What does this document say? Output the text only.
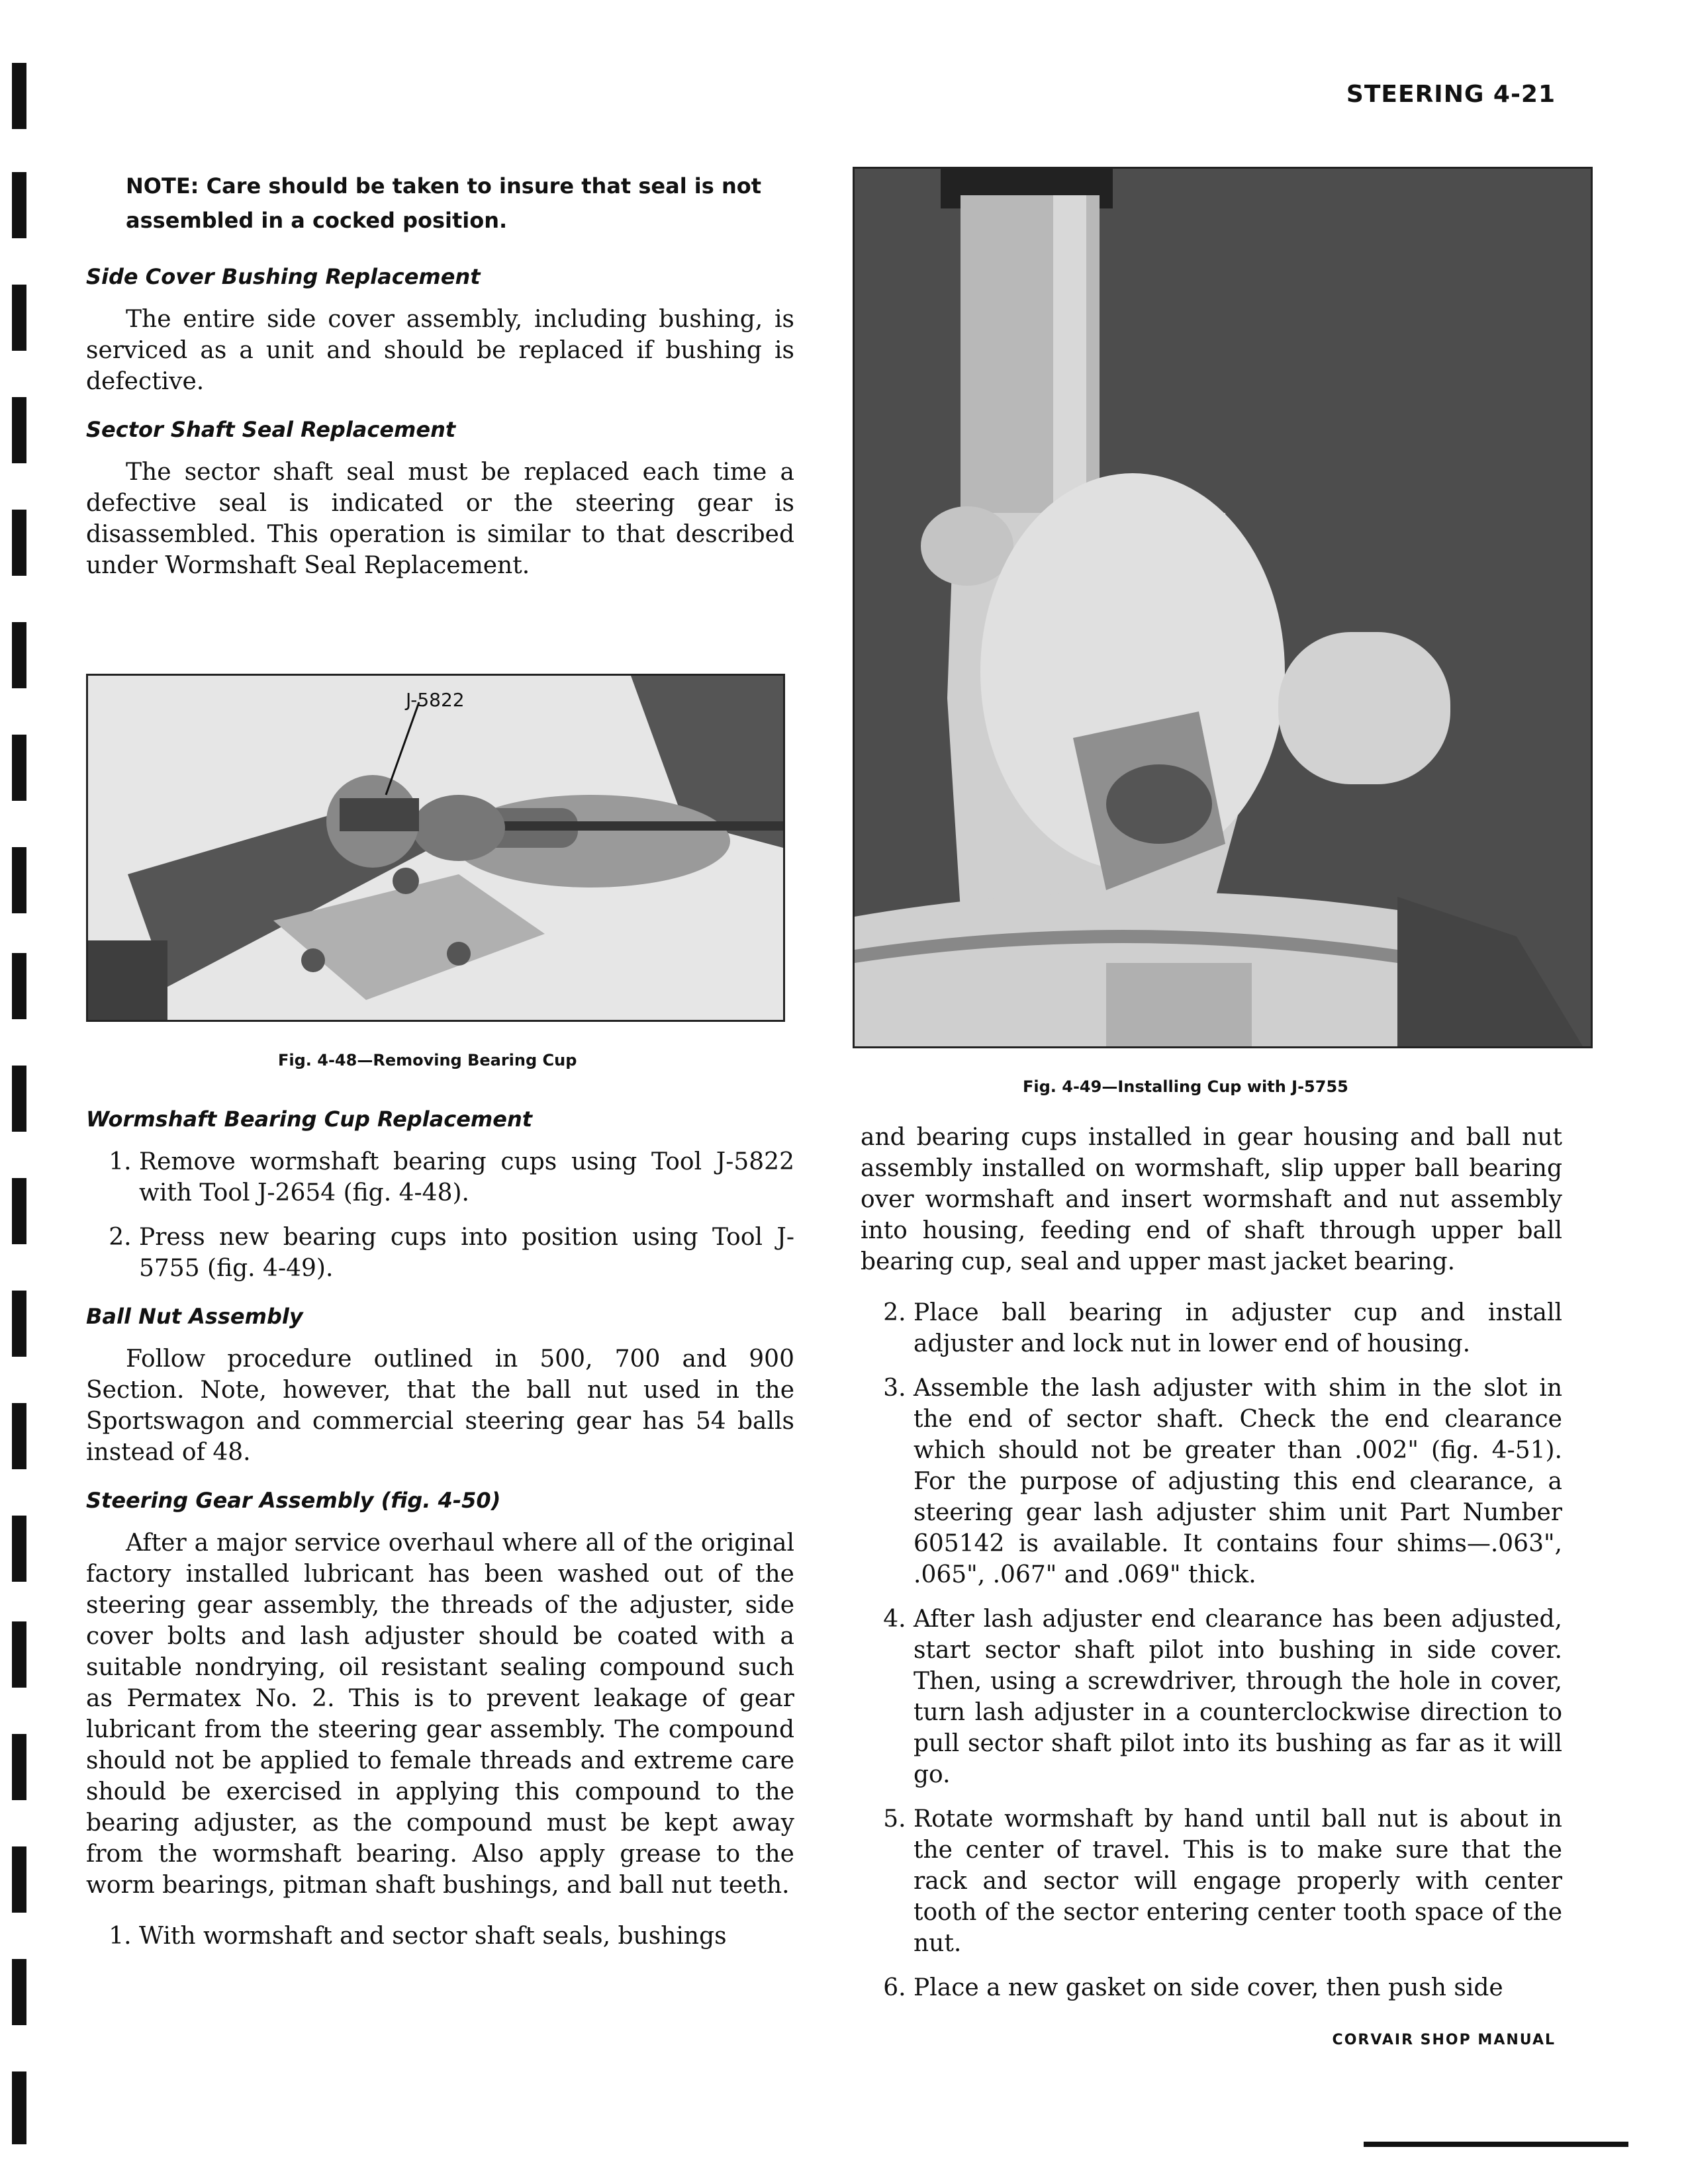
STEERING 4-21
NOTE: Care should be taken to insure that seal is not assembled in a cocked position.
Side Cover Bushing Replacement

The entire side cover assembly, including bushing, is serviced as a unit and should be replaced if bushing is defective.

Sector Shaft Seal Replacement

The sector shaft seal must be replaced each time a defective seal is indicated or the steering gear is disassembled. This operation is similar to that described under Wormshaft Seal Replacement.

J-5822
Fig. 4-48—Removing Bearing Cup
Fig. 4-49—Installing Cup with J-5755
Wormshaft Bearing Cup Replacement
1. Remove wormshaft bearing cups using Tool J-5822 with Tool J-2654 (fig. 4-48).
2. Press new bearing cups into position using Tool J-5755 (fig. 4-49).
Ball Nut Assembly

Follow procedure outlined in 500, 700 and 900 Section. Note, however, that the ball nut used in the Sportswagon and commercial steering gear has 54 balls instead of 48.

Steering Gear Assembly (fig. 4-50)

After a major service overhaul where all of the original factory installed lubricant has been washed out of the steering gear assembly, the threads of the adjuster, side cover bolts and lash adjuster should be coated with a suitable nondrying, oil resistant sealing compound such as Permatex No. 2. This is to prevent leakage of gear lubricant from the steering gear assembly. The compound should not be applied to female threads and extreme care should be exercised in applying this compound to the bearing adjuster, as the compound must be kept away from the wormshaft bearing. Also apply grease to the worm bearings, pitman shaft bushings, and ball nut teeth.

1. With wormshaft and sector shaft seals, bushings

and bearing cups installed in gear housing and ball nut assembly installed on wormshaft, slip upper ball bearing over wormshaft and insert wormshaft and nut assembly into housing, feeding end of shaft through upper ball bearing cup, seal and upper mast jacket bearing.

2. Place ball bearing in adjuster cup and install adjuster and lock nut in lower end of housing.
3. Assemble the lash adjuster with shim in the slot in the end of sector shaft. Check the end clearance which should not be greater than .002" (fig. 4-51). For the purpose of adjusting this end clearance, a steering gear lash adjuster shim unit Part Number 605142 is available. It contains four shims—.063", .065", .067" and .069" thick.
4. After lash adjuster end clearance has been adjusted, start sector shaft pilot into bushing in side cover. Then, using a screwdriver, through the hole in cover, turn lash adjuster in a counterclockwise direction to pull sector shaft pilot into its bushing as far as it will go.
5. Rotate wormshaft by hand until ball nut is about in the center of travel. This is to make sure that the rack and sector will engage properly with center tooth of the sector entering center tooth space of the nut.
6. Place a new gasket on side cover, then push side
CORVAIR SHOP MANUAL
